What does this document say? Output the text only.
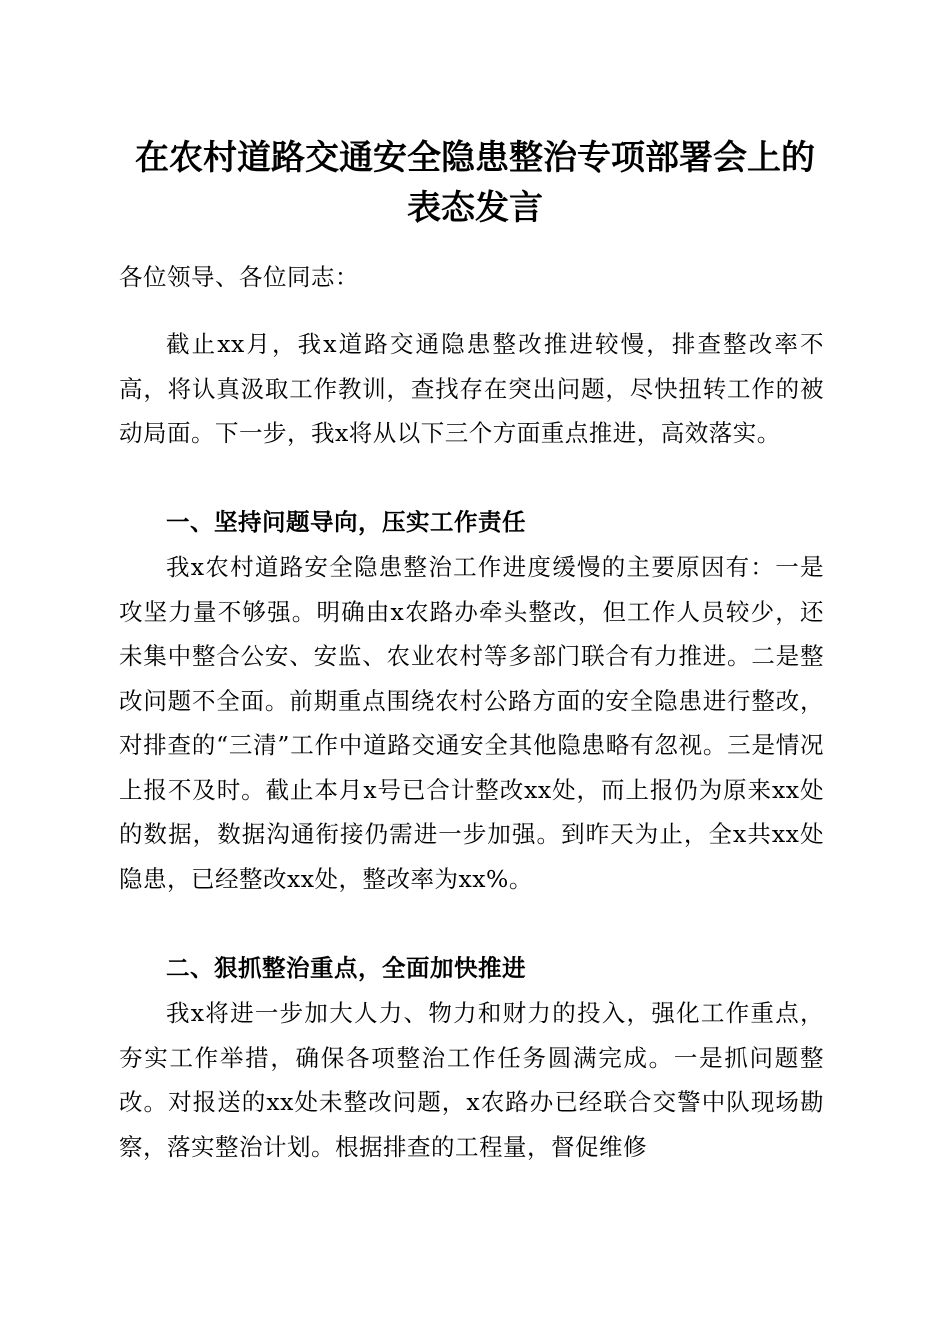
在农村道路交通安全隐患整治专项部署会上的
表态发言
各位领导、各位同志：

截止xx月，我x道路交通隐患整改推进较慢，排查整改率不高，将认真汲取工作教训，查找存在突出问题，尽快扭转工作的被动局面。下一步，我x将从以下三个方面重点推进，高效落实。

一、坚持问题导向，压实工作责任

我x农村道路安全隐患整治工作进度缓慢的主要原因有：一是攻坚力量不够强。明确由x农路办牵头整改，但工作人员较少，还未集中整合公安、安监、农业农村等多部门联合有力推进。二是整改问题不全面。前期重点围绕农村公路方面的安全隐患进行整改，对排查的“三清”工作中道路交通安全其他隐患略有忽视。三是情况上报不及时。截止本月x号已合计整改xx处，而上报仍为原来xx处的数据，数据沟通衔接仍需进一步加强。到昨天为止，全x共xx处隐患，已经整改xx处，整改率为xx%。

二、狠抓整治重点，全面加快推进

我x将进一步加大人力、物力和财力的投入，强化工作重点，夯实工作举措，确保各项整治工作任务圆满完成。一是抓问题整改。对报送的xx处未整改问题，x农路办已经联合交警中队现场勘察，落实整治计划。根据排查的工程量，督促维修
